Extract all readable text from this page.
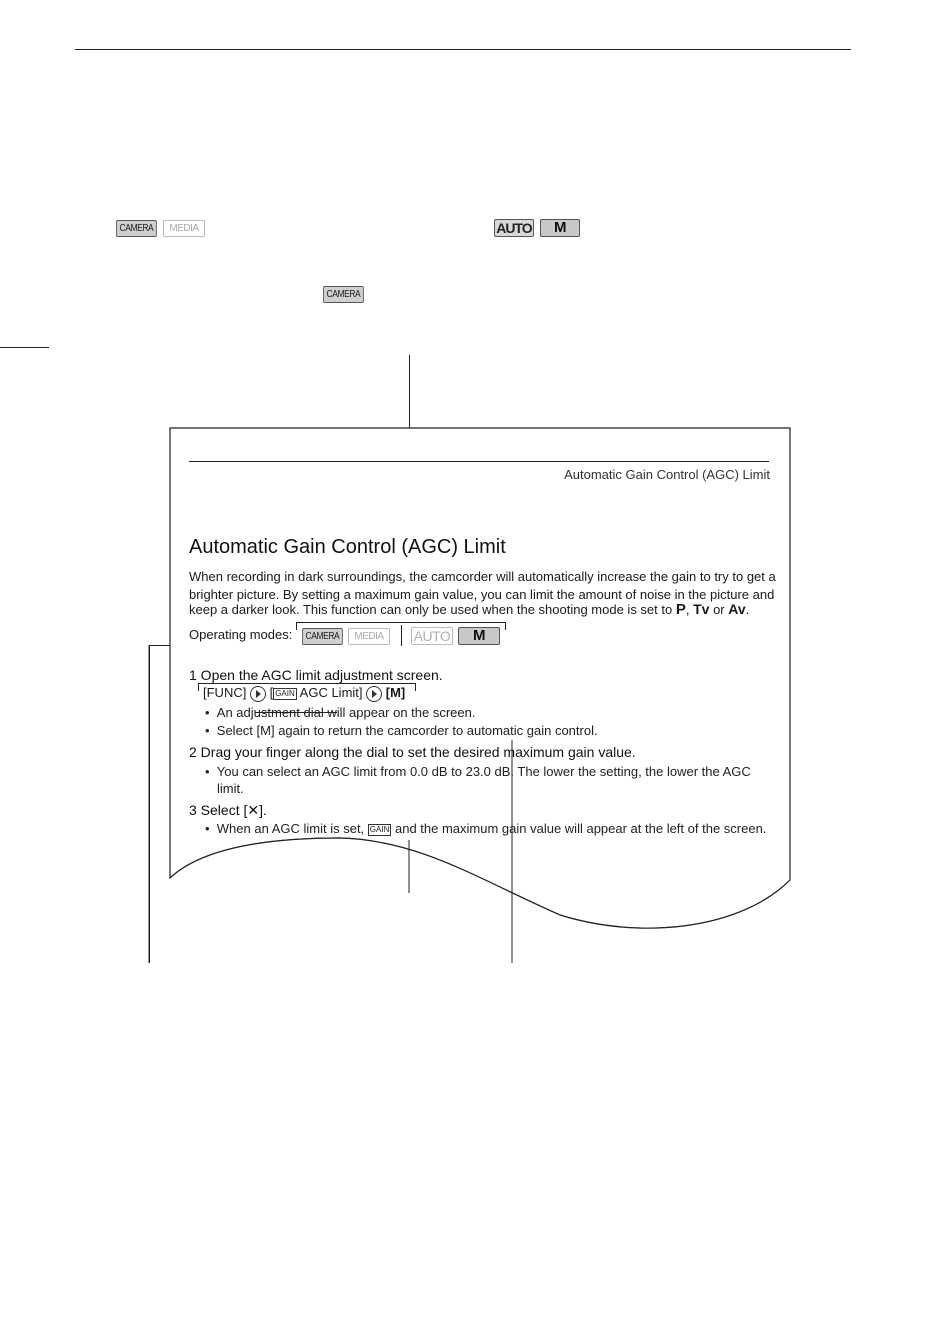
CAMERA	MEDIA	AUTO	M
CAMERA
Automatic Gain Control (AGC) Limit
Automatic Gain Control (AGC) Limit
When recording in dark surroundings, the camcorder will automatically increase the gain to try to get a
brighter picture. By setting a maximum gain value, you can limit the amount of noise in the picture and
keep a darker look. This function can only be used when the shooting mode is set to P, Tv or Av.
Operating modes:	CAMERA	MEDIA	AUTO	M
1 Open the AGC limit adjustment screen.
[FUNC]  [ GAIN AGC Limit] [M]
•  An adjustment dial will appear on the screen.
•  Select [M] again to return the camcorder to automatic gain control.
2 Drag your finger along the dial to set the desired maximum gain value.
•  You can select an AGC limit from 0.0 dB to 23.0 dB. The lower the setting, the lower the AGC
limit.
3 Select [✕].
•  When an AGC limit is set, GAIN and the maximum gain value will appear at the left of the screen.
